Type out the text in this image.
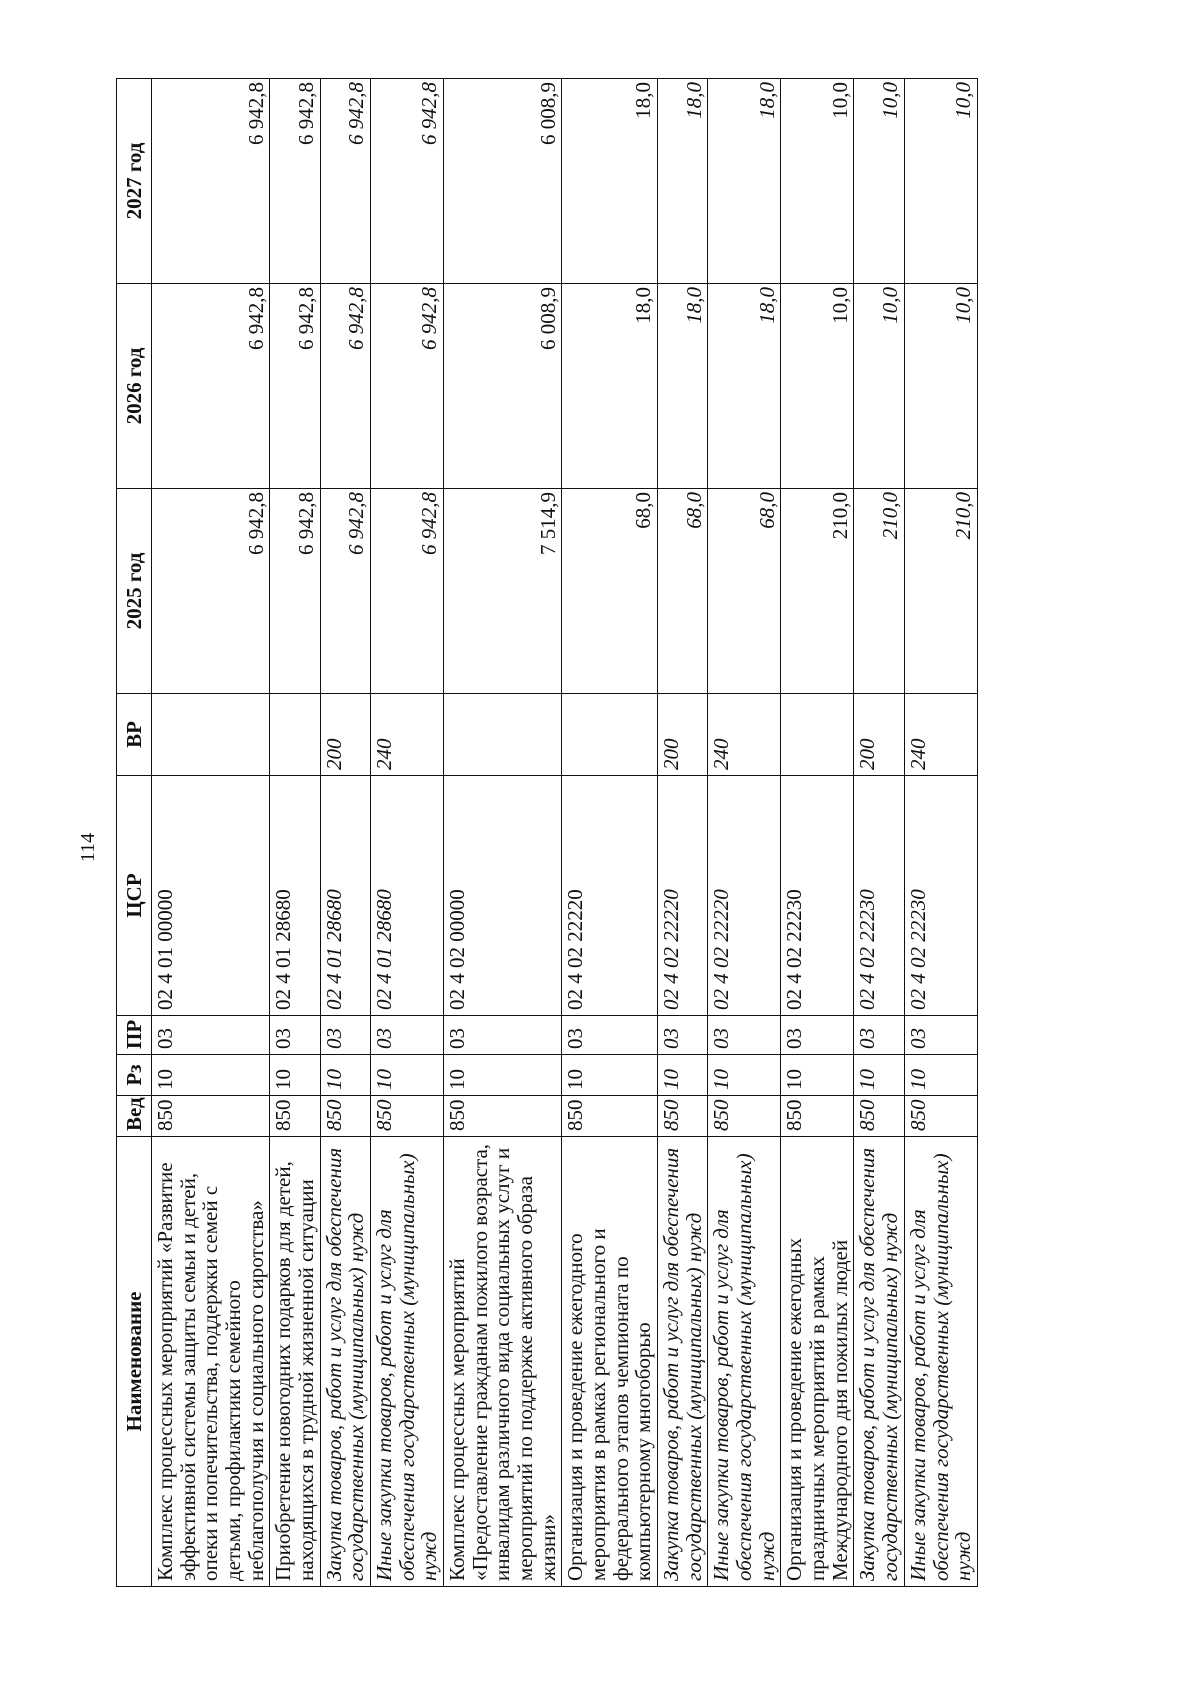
114
Наименование	Вед	Рз	ПР	ЦСР	ВР	2025 год	2026 год	2027 год
Комплекс процессных мероприятий «Развитие эффективной системы защиты семьи и детей, опеки и попечительства, поддержки семей с детьми, профилактики семейного неблагополучия и социального сиротства»	850	10	03	02 4 01 00000		6 942,8	6 942,8	6 942,8
Приобретение новогодних подарков для детей, находящихся в трудной жизненной ситуации	850	10	03	02 4 01 28680		6 942,8	6 942,8	6 942,8
Закупка товаров, работ и услуг для обеспечения государственных (муниципальных) нужд	850	10	03	02 4 01 28680	200	6 942,8	6 942,8	6 942,8
Иные закупки товаров, работ и услуг для обеспечения государственных (муниципальных) нужд	850	10	03	02 4 01 28680	240	6 942,8	6 942,8	6 942,8
Комплекс процессных мероприятий «Предоставление гражданам пожилого возраста, инвалидам различного вида социальных услуг и мероприятий по поддержке активного образа жизни»	850	10	03	02 4 02 00000		7 514,9	6 008,9	6 008,9
Организация и проведение ежегодного мероприятия в рамках регионального и федерального этапов чемпионата по компьютерному многоборью	850	10	03	02 4 02 22220		68,0	18,0	18,0
Закупка товаров, работ и услуг для обеспечения государственных (муниципальных) нужд	850	10	03	02 4 02 22220	200	68,0	18,0	18,0
Иные закупки товаров, работ и услуг для обеспечения государственных (муниципальных) нужд	850	10	03	02 4 02 22220	240	68,0	18,0	18,0
Организация и проведение ежегодных праздничных мероприятий в рамках Международного дня пожилых людей	850	10	03	02 4 02 22230		210,0	10,0	10,0
Закупка товаров, работ и услуг для обеспечения государственных (муниципальных) нужд	850	10	03	02 4 02 22230	200	210,0	10,0	10,0
Иные закупки товаров, работ и услуг для обеспечения государственных (муниципальных) нужд	850	10	03	02 4 02 22230	240	210,0	10,0	10,0
